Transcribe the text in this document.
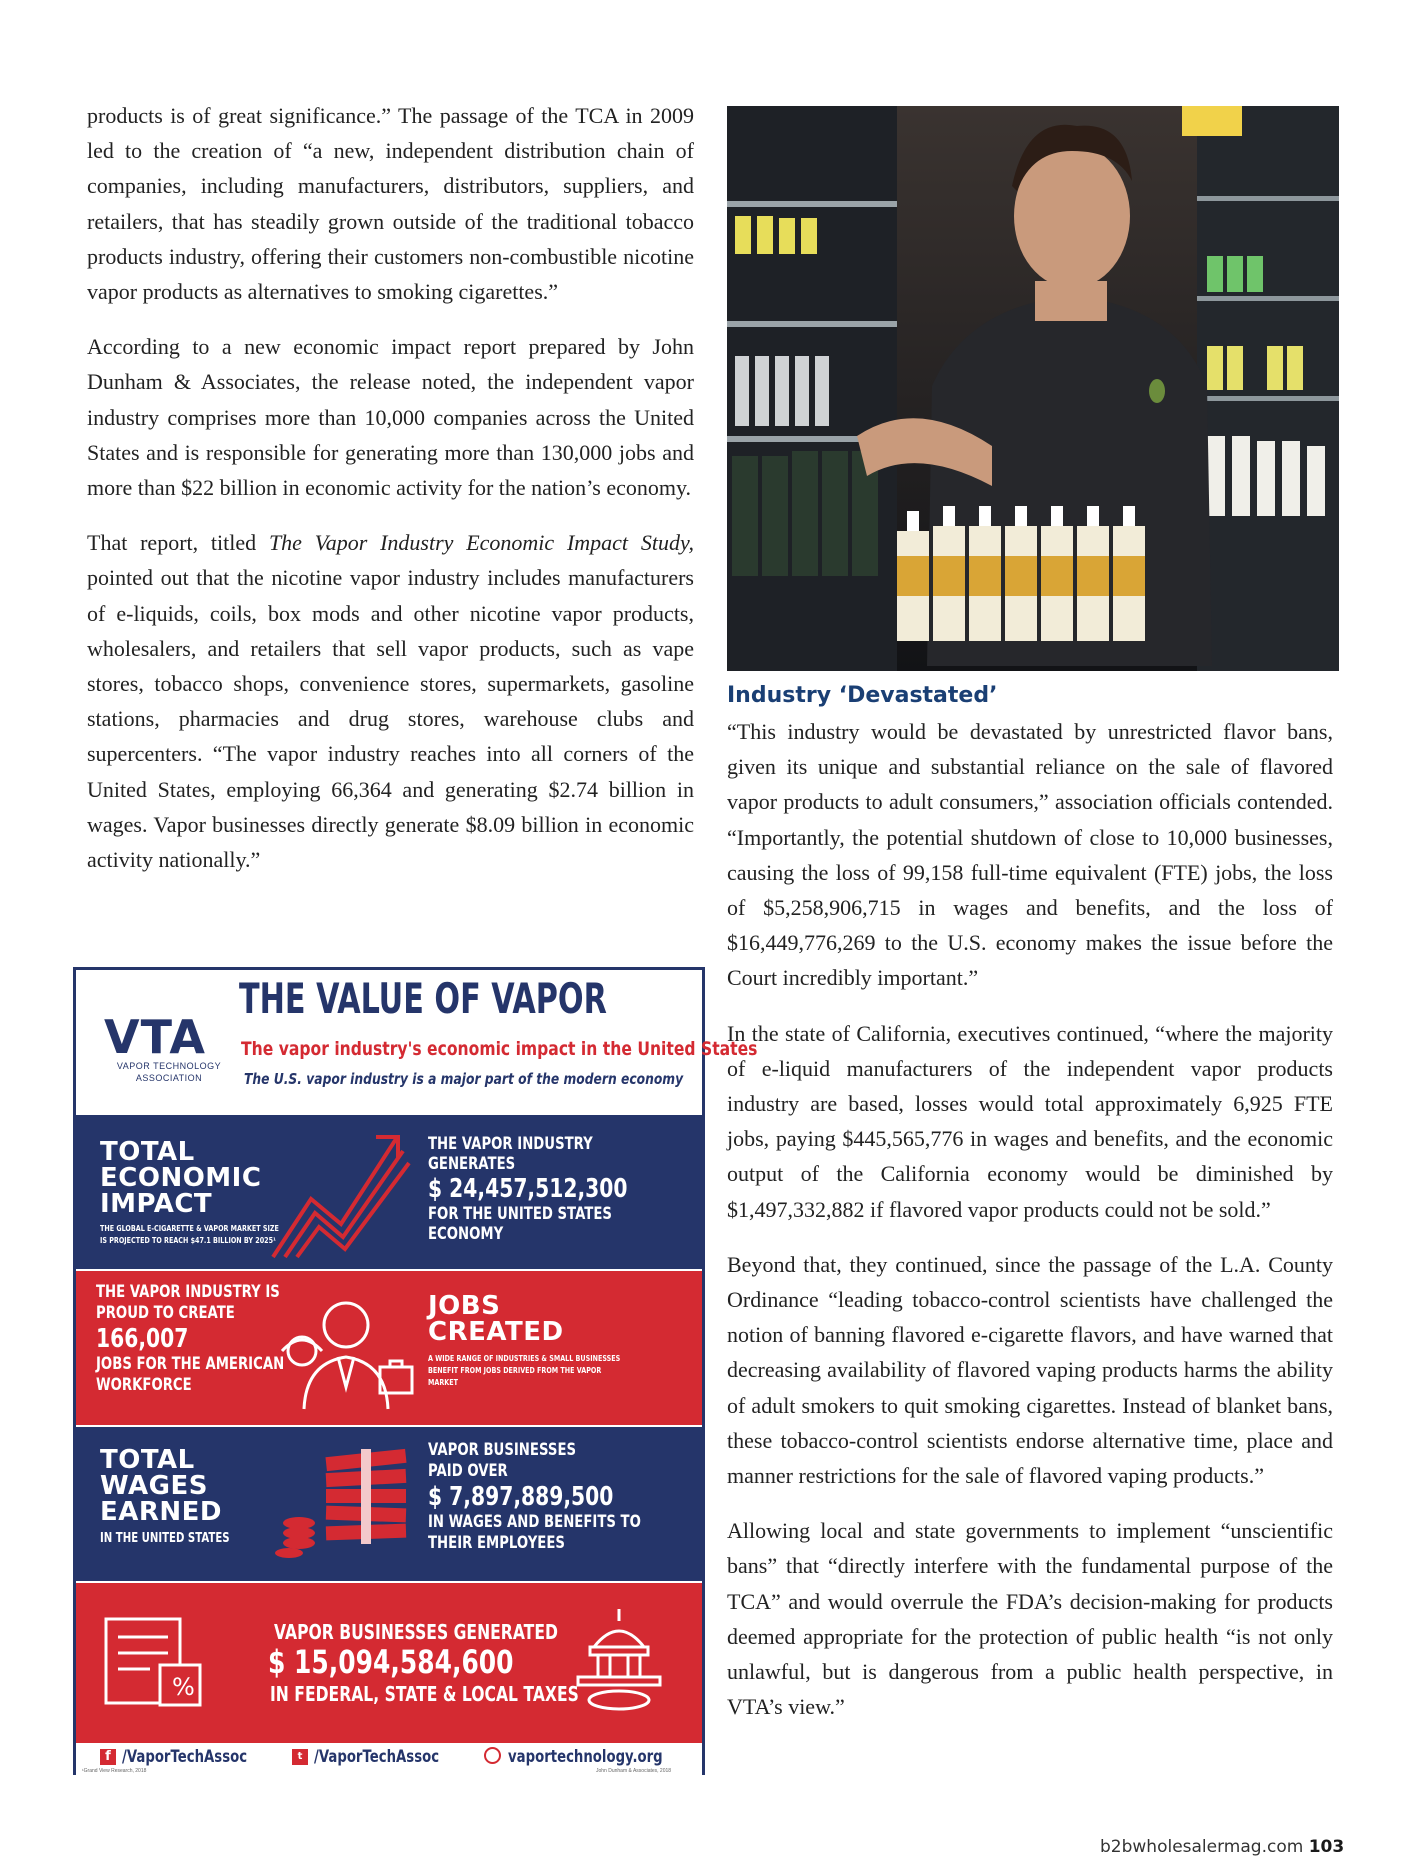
products is of great significance.” The passage of the TCA in 2009 led to the creation of “a new, independent distribution chain of companies, including manufacturers, distributors, suppliers, and retailers, that has steadily grown outside of the traditional tobacco products industry, offering their customers non-combustible nicotine vapor products as alternatives to smoking cigarettes.”

According to a new economic impact report prepared by John Dunham & Associates, the release noted, the independent vapor industry comprises more than 10,000 companies across the United States and is responsible for generating more than 130,000 jobs and more than $22 billion in economic activity for the nation’s economy.

That report, titled The Vapor Industry Economic Impact Study, pointed out that the nicotine vapor industry includes manufacturers of e-liquids, coils, box mods and other nicotine vapor products, wholesalers, and retailers that sell vapor products, such as vape stores, tobacco shops, convenience stores, supermarkets, gasoline stations, pharmacies and drug stores, warehouse clubs and supercenters. “The vapor industry reaches into all corners of the United States, employing 66,364 and generating $2.74 billion in wages. Vapor businesses directly generate $8.09 billion in economic activity nationally.”

VTA
VAPOR TECHNOLOGY ASSOCIATION
THE VALUE OF VAPOR
The vapor industry's economic impact in the United States
The U.S. vapor industry is a major part of the modern economy
TOTAL
ECONOMIC
IMPACT
THE GLOBAL E-CIGARETTE & VAPOR MARKET SIZE
IS PROJECTED TO REACH $47.1 BILLION BY 2025¹
THE VAPOR INDUSTRY
GENERATES
$ 24,457,512,300
FOR THE UNITED STATES
ECONOMY
THE VAPOR INDUSTRY IS
PROUD TO CREATE
166,007
JOBS FOR THE AMERICAN
WORKFORCE
JOBS
CREATED
A WIDE RANGE OF INDUSTRIES & SMALL BUSINESSES
BENEFIT FROM JOBS DERIVED FROM THE VAPOR
MARKET
TOTAL
WAGES
EARNED
IN THE UNITED STATES
VAPOR BUSINESSES
PAID OVER
$ 7,897,889,500
IN WAGES AND BENEFITS TO
THEIR EMPLOYEES
%
VAPOR BUSINESSES GENERATED
$ 15,094,584,600
IN FEDERAL, STATE & LOCAL TAXES
f /VaporTechAssoc	t /VaporTechAssoc	vaportechnology.org
¹Grand View Research, 2018	John Dunham & Associates, 2018
Industry ‘Devastated’

“This industry would be devastated by unrestricted flavor bans, given its unique and substantial reliance on the sale of flavored vapor products to adult consumers,” association officials contended. “Importantly, the potential shutdown of close to 10,000 businesses, causing the loss of 99,158 full-time equivalent (FTE) jobs, the loss of $5,258,906,715 in wages and benefits, and the loss of $16,449,776,269 to the U.S. economy makes the issue before the Court incredibly important.”

In the state of California, executives continued, “where the majority of e-liquid manufacturers of the independent vapor products industry are based, losses would total approximately 6,925 FTE jobs, paying $445,565,776 in wages and benefits, and the economic output of the California economy would be diminished by $1,497,332,882 if flavored vapor products could not be sold.”

Beyond that, they continued, since the passage of the L.A. County Ordinance “leading tobacco-control scientists have challenged the notion of banning flavored e-cigarette flavors, and have warned that decreasing availability of flavored vaping products harms the ability of adult smokers to quit smoking cigarettes. Instead of blanket bans, these tobacco-control scientists endorse alternative time, place and manner restrictions for the sale of flavored vaping products.”

Allowing local and state governments to implement “unscientific bans” that “directly interfere with the fundamental purpose of the TCA” and would overrule the FDA’s decision-making for products deemed appropriate for the protection of public health “is not only unlawful, but is dangerous from a public health perspective, in VTA’s view.”

b2bwholesalermag.com 103
